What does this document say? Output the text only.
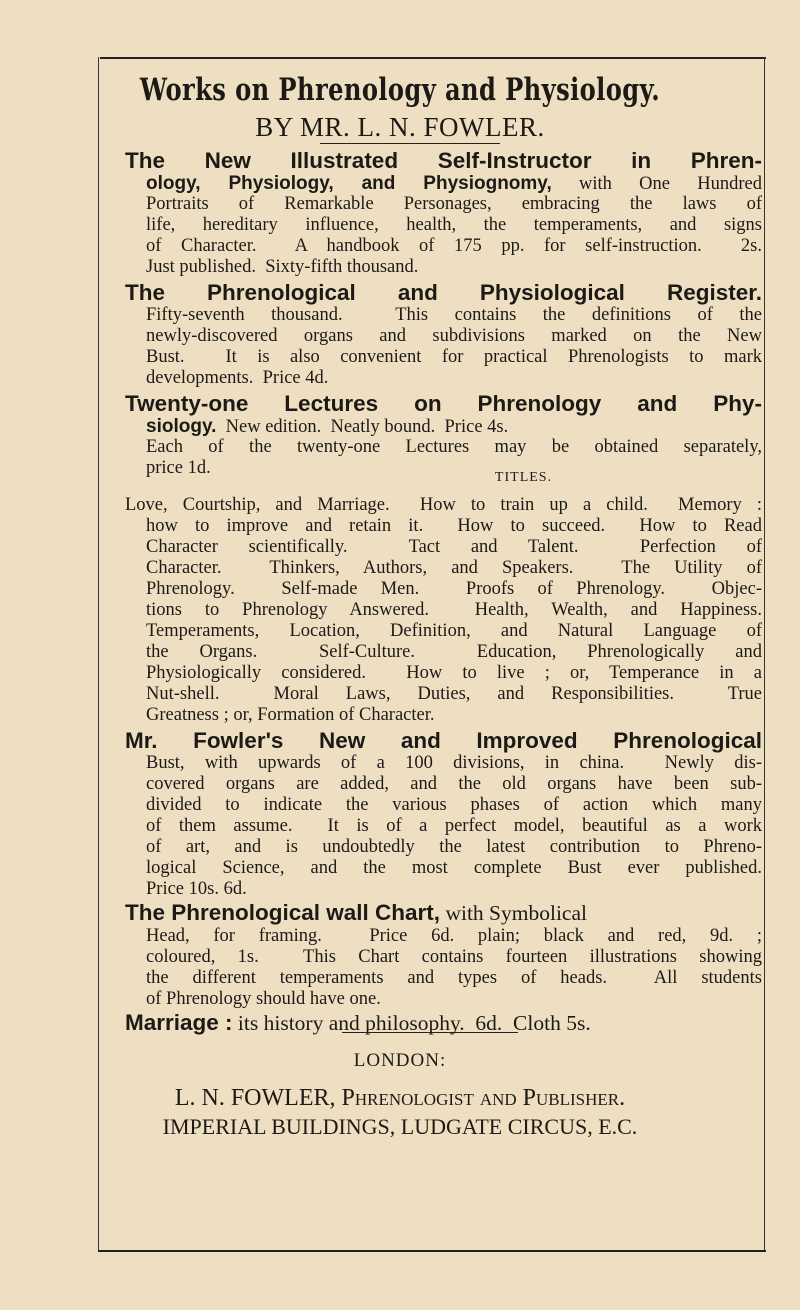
Works on Phrenology and Physiology.
BY MR. L. N. FOWLER.
The New Illustrated Self-Instructor in Phren-
ology, Physiology, and Physiognomy, with One Hundred
Portraits of Remarkable Personages, embracing the laws of
life, hereditary influence, health, the temperaments, and signs
of Character.  A handbook of 175 pp. for self-instruction.  2s.
Just published.  Sixty-fifth thousand.
The Phrenological and Physiological Register.
Fifty-seventh thousand.  This contains the definitions of the
newly-discovered organs and subdivisions marked on the New
Bust.  It is also convenient for practical Phrenologists to mark
developments.  Price 4d.
Twenty-one Lectures on Phrenology and Phy-
siology.  New edition.  Neatly bound.  Price 4s.
Each of the twenty-one Lectures may be obtained separately,
price 1d.	TITLES.
Love, Courtship, and Marriage.  How to train up a child.  Memory :
how to improve and retain it.  How to succeed.  How to Read
Character scientifically.  Tact and Talent.  Perfection of
Character.  Thinkers, Authors, and Speakers.  The Utility of
Phrenology.  Self-made Men.  Proofs of Phrenology.  Objec-
tions to Phrenology Answered.  Health, Wealth, and Happiness.
Temperaments, Location, Definition, and Natural Language of
the Organs.  Self-Culture.  Education, Phrenologically and
Physiologically considered.  How to live ; or, Temperance in a
Nut-shell.  Moral Laws, Duties, and Responsibilities.  True
Greatness ; or, Formation of Character.
Mr. Fowler's New and Improved Phrenological
Bust, with upwards of a 100 divisions, in china.  Newly dis-
covered organs are added, and the old organs have been sub-
divided to indicate the various phases of action which many
of them assume.  It is of a perfect model, beautiful as a work
of art, and is undoubtedly the latest contribution to Phreno-
logical Science, and the most complete Bust ever published.
Price 10s. 6d.
The Phrenological wall Chart, with Symbolical
Head, for framing.  Price 6d. plain; black and red, 9d. ;
coloured, 1s.  This Chart contains fourteen illustrations showing
the different temperaments and types of heads.  All students
of Phrenology should have one.
Marriage : its history and philosophy.  6d.  Cloth 5s.
LONDON:
L. N. FOWLER, Phrenologist and Publisher.
IMPERIAL BUILDINGS, LUDGATE CIRCUS, E.C.
